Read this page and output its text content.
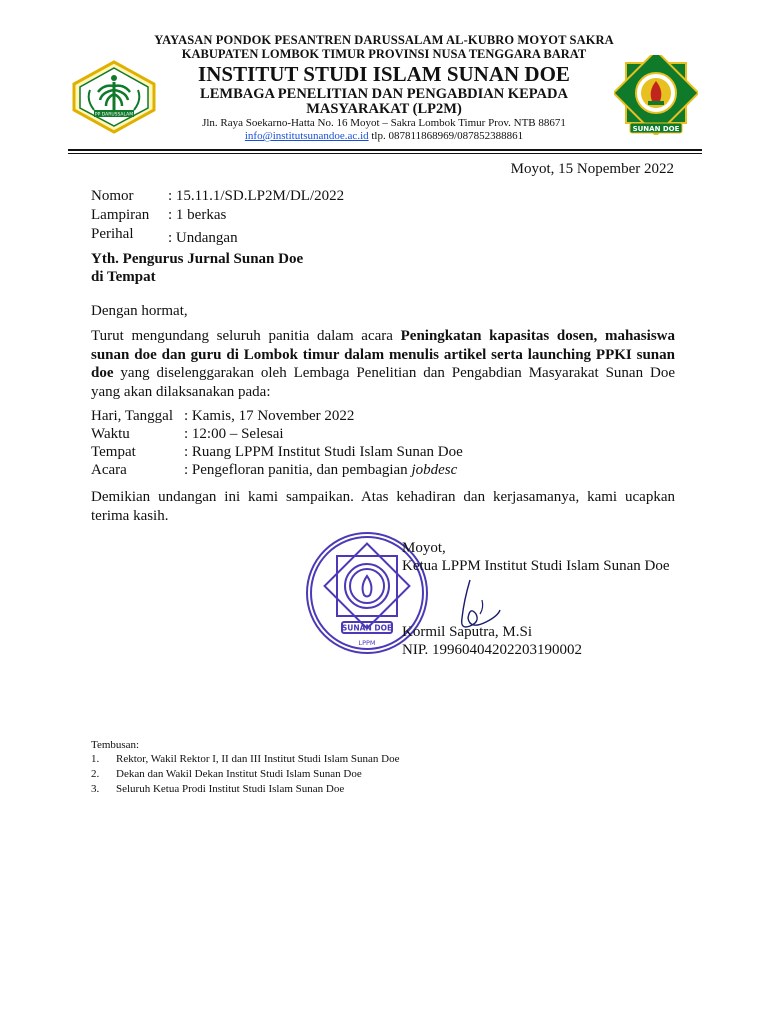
YAYASAN PONDOK PESANTREN DARUSSALAM AL-KUBRO MOYOT SAKRA
KABUPATEN LOMBOK TIMUR PROVINSI NUSA TENGGARA BARAT
INSTITUT STUDI ISLAM SUNAN DOE
LEMBAGA PENELITIAN DAN PENGABDIAN KEPADA
MASYARAKAT (LP2M)
Jln. Raya Soekarno-Hatta No. 16 Moyot – Sakra Lombok Timur Prov. NTB 88671
info@institutsunandoe.ac.id tlp. 087811868969/087852388861
PP DARUSSALAM
SUNAN DOE
Moyot, 15 Nopember 2022
Nomor : 15.11.1/SD.LP2M/DL/2022
Lampiran : 1 berkas
Perihal : Undangan
Yth. Pengurus Jurnal Sunan Doe
di Tempat
Dengan hormat,
Turut mengundang seluruh panitia dalam acara Peningkatan kapasitas dosen, mahasiswa sunan doe dan guru di Lombok timur dalam menulis artikel serta launching PPKI sunan doe yang diselenggarakan oleh Lembaga Penelitian dan Pengabdian Masyarakat Sunan Doe yang akan dilaksanakan pada:
Hari, Tanggal : Kamis, 17 November 2022
Waktu	: 12:00 – Selesai
Tempat	: Ruang LPPM Institut Studi Islam Sunan Doe
Acara	: Pengefloran panitia, dan pembagian jobdesc
Demikian undangan ini kami sampaikan. Atas kehadiran dan kerjasamanya, kami ucapkan terima kasih.
SUNAN DOE
LPPM
Moyot,
Ketua LPPM Institut Studi Islam Sunan Doe
Kormil Saputra, M.Si
NIP. 19960404202203190002
Tembusan:
1. Rektor, Wakil Rektor I, II dan III Institut Studi Islam Sunan Doe
2. Dekan dan Wakil Dekan Institut Studi Islam Sunan Doe
3. Seluruh Ketua Prodi Institut Studi Islam Sunan Doe
